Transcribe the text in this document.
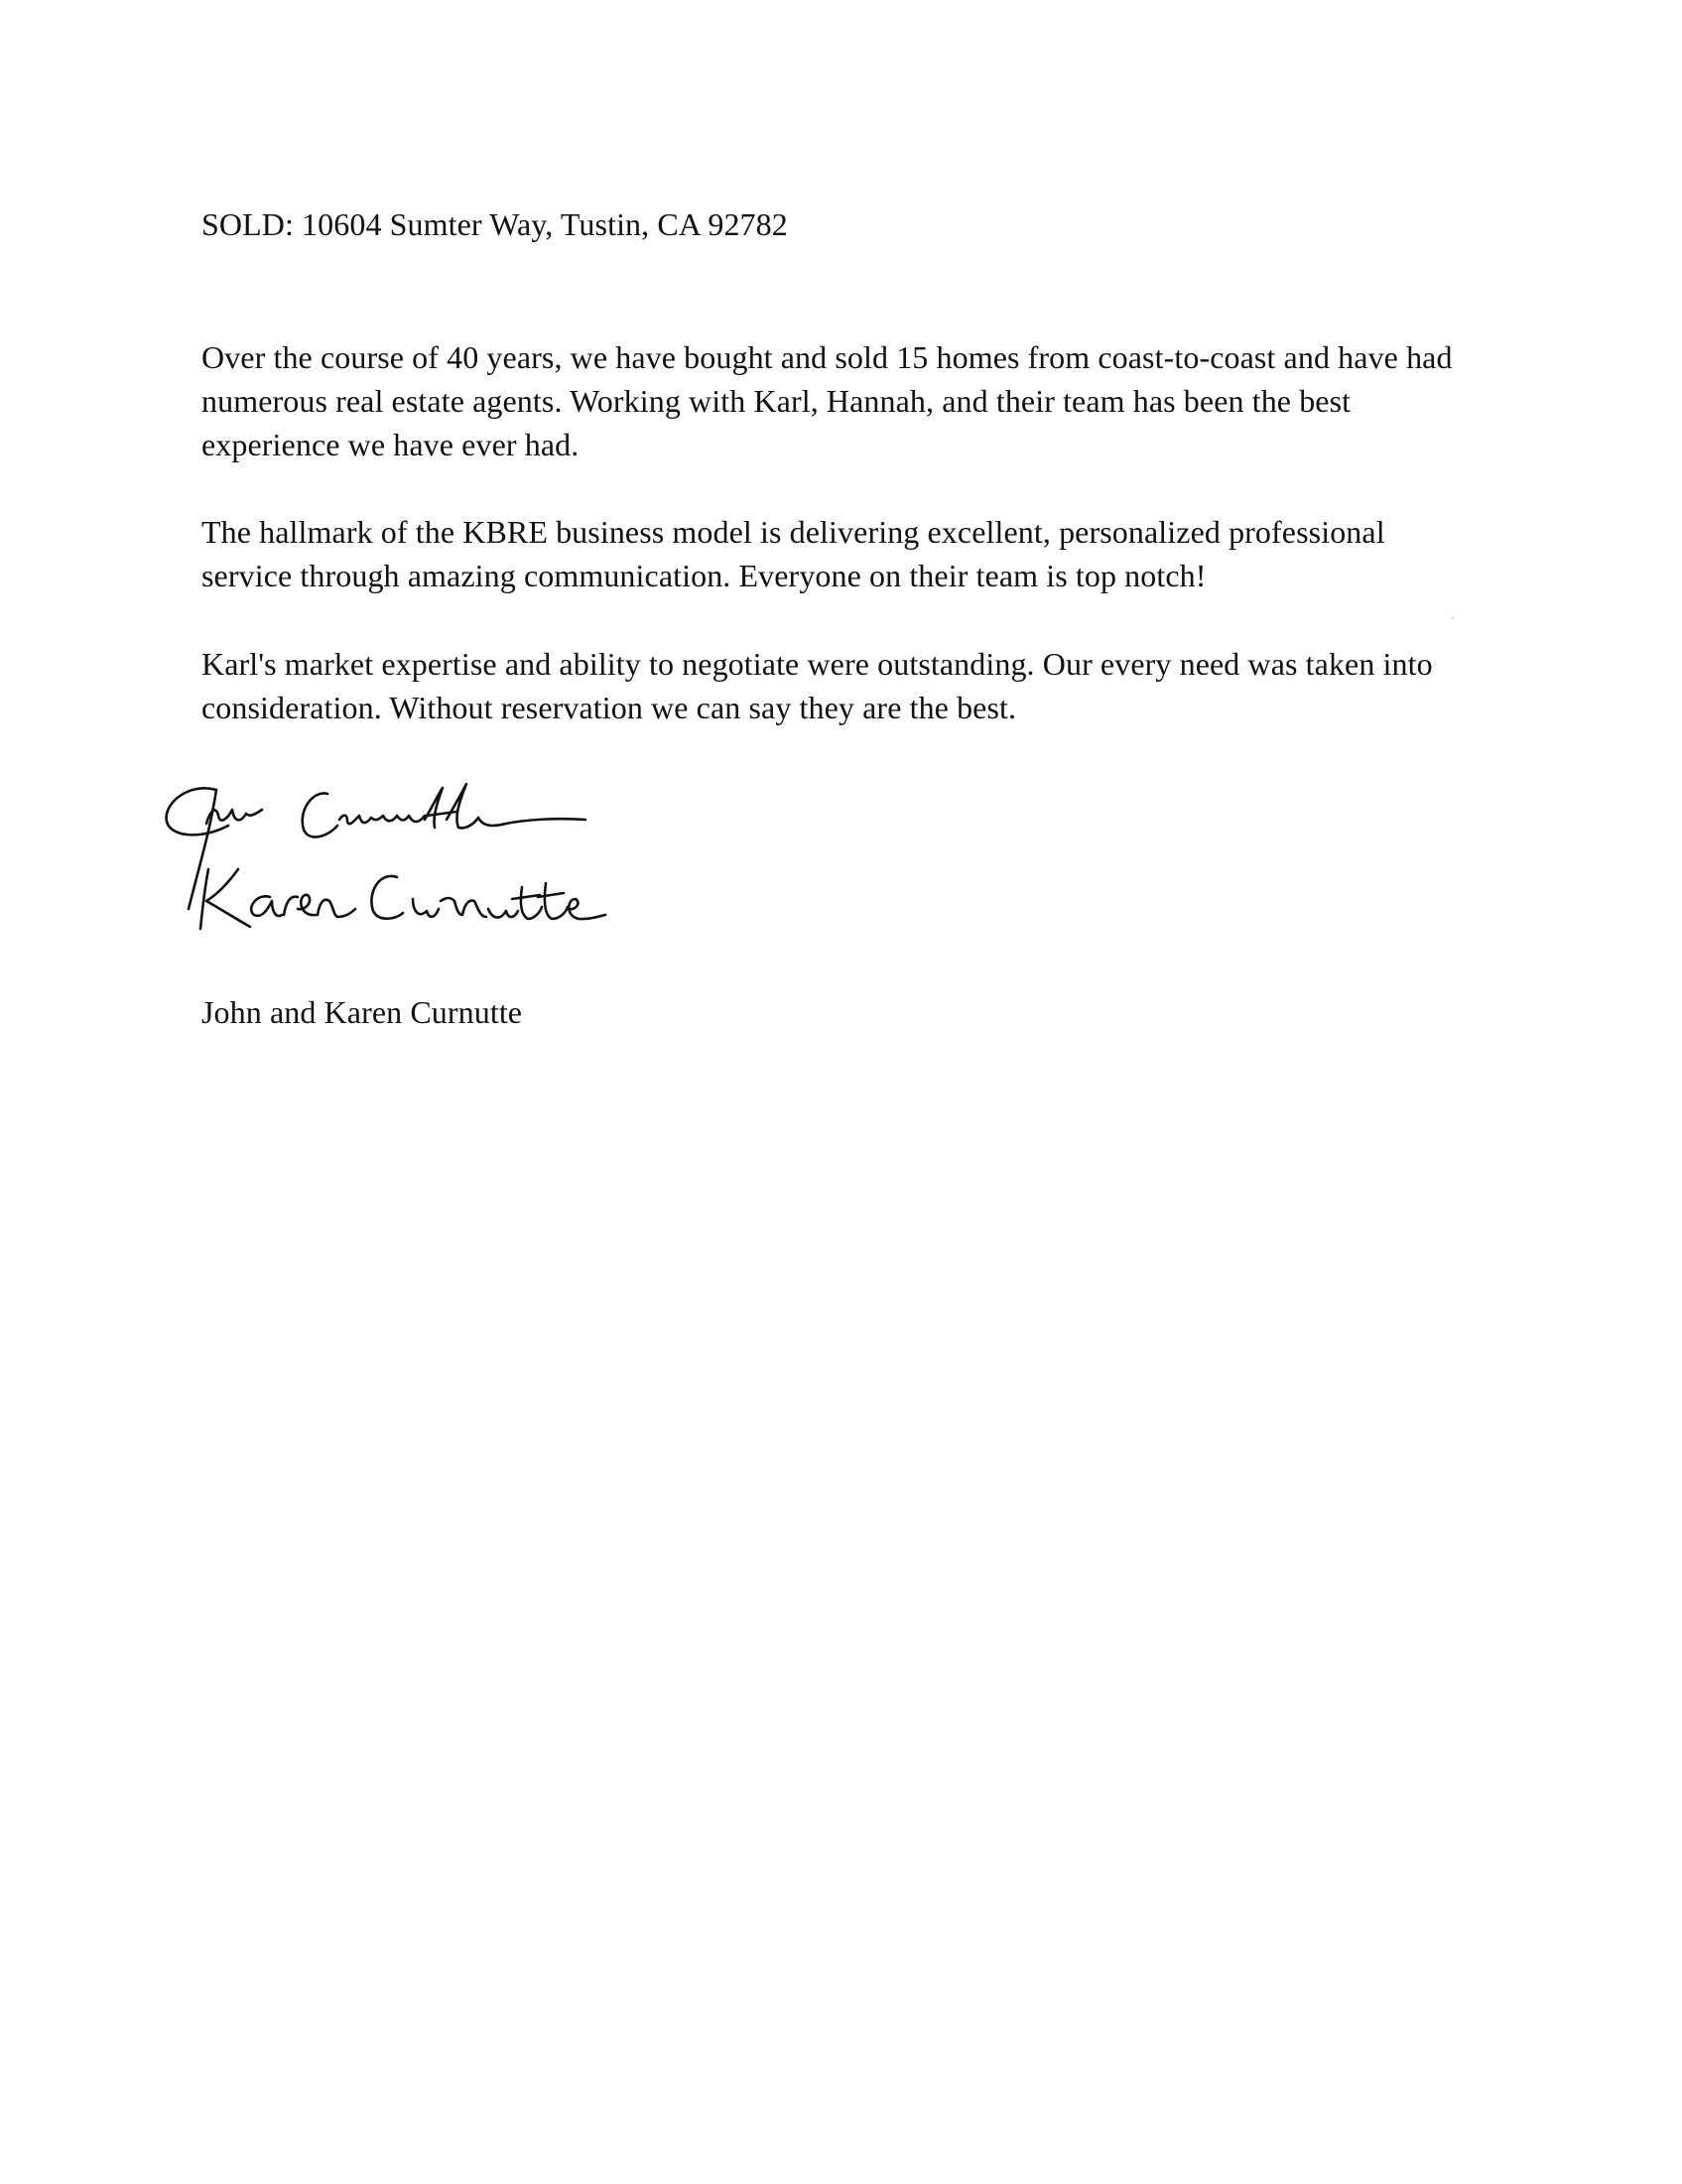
SOLD: 10604 Sumter Way, Tustin, CA 92782

Over the course of 40 years, we have bought and sold 15 homes from coast-to-coast and have had numerous real estate agents. Working with Karl, Hannah, and their team has been the best experience we have ever had.

The hallmark of the KBRE business model is delivering excellent, personalized professional service through amazing communication. Everyone on their team is top notch!

Karl's market expertise and ability to negotiate were outstanding. Our every need was taken into consideration. Without reservation we can say they are the best.

John and Karen Curnutte
